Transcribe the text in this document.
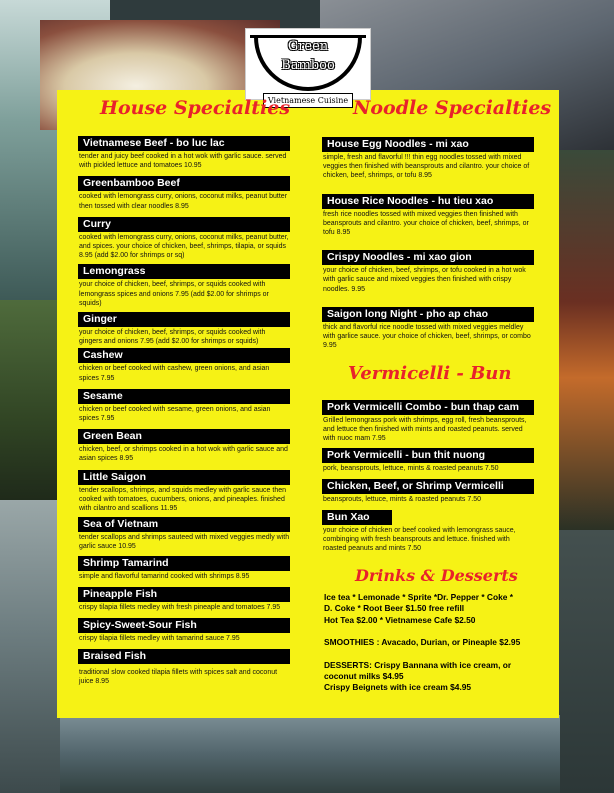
Green
Bamboo
Vietnamese Cuisine
House Specialties	Noodle Specialties
Vermicelli - Bun
Drinks & Desserts
Vietnamese Beef - bo luc lac
tender and juicy beef cooked in a hot wok with garlic sauce. served with pickled lettuce and tomatoes 10.95
Greenbamboo Beef
cooked with lemongrass curry, onions, coconut milks, peanut butter then tossed with clear noodles 8.95
Curry
cooked with lemongrass curry, onions, coconut milks, peanut butter, and spices. your choice of chicken, beef, shrimps, tilapia, or squids 8.95 (add $2.00 for shrimps or sq)
Lemongrass
your choice of chicken, beef, shrimps, or squids cooked with lemongrass spices and onions 7.95 (add $2.00 for shrimps or squids)
Ginger
your choice of chicken, beef, shrimps, or squids cooked with gingers and onions 7.95 (add $2.00 for shrimps or squids)
Cashew
chicken or beef cooked with cashew, green onions, and asian spices 7.95
Sesame
chicken or beef cooked with sesame, green onions, and asian spices 7.95
Green Bean
chicken, beef, or shrimps cooked in a hot wok with garlic sauce and asian spices 8.95
Little Saigon
tender scallops, shrimps, and squids medley with garlic sauce then cooked with tomatoes, cucumbers, onions, and pineaples. finished with cilantro and scallions 11.95
Sea of Vietnam
tender scallops and shrimps sauteed with mixed veggies medly with garlic sauce 10.95
Shrimp Tamarind
simple and flavorful tamarind cooked with shrimps 8.95
Pineapple Fish
crispy tilapia fillets medley with fresh pineaple and tomatoes 7.95
Spicy-Sweet-Sour Fish
crispy tilapia fillets medley with tamarind sauce 7.95
Braised Fish
traditional slow cooked tilapia fillets with spices salt and coconut juice 8.95
House Egg Noodles - mi xao
simple, fresh and flavorful !!! thin egg noodles tossed with mixed veggies then finished with beansprouts and cilantro. your choice of chicken, beef, shrimps, or tofu 8.95
House Rice Noodles - hu tieu xao
fresh rice noodles tossed with mixed veggies then finished with beansprouts and cilantro. your choice of chicken, beef, shrimps, or tofu 8.95
Crispy Noodles - mi xao gion
your choice of chicken, beef, shrimps, or tofu cooked in a hot wok with garlic sauce and mixed veggies then finished with crispy noodles. 9.95
Saigon long Night - pho ap chao
thick and flavorful rice noodle tossed with mixed veggies meldley with garlice sauce. your choice of chicken, beef, shrimps, or combo 9.95
Pork Vermicelli Combo - bun thap cam
Grilled lemongrass pork with shrimps, egg roll, fresh beansprouts, and lettuce then finished with mints and roasted peanuts. served with nuoc mam 7.95
Pork Vermicelli - bun thit nuong
pork, beansprouts, lettuce, mints & roasted peanuts 7.50
Chicken, Beef, or Shrimp Vermicelli
beansprouts, lettuce, mints & roasted peanuts 7.50
Bun Xao
your choice of chicken or beef cooked with lemongrass sauce, combinging with fresh beansprouts and lettuce. finished with roasted peanuts and mints 7.50

Ice tea * Lemonade * Sprite *Dr. Pepper * Coke *

D. Coke * Root Beer $1.50 free refill

Hot Tea $2.00 * Vietnamese Cafe $2.50

SMOOTHIES : Avacado, Durian, or Pineaple $2.95

DESSERTS: Crispy Bannana with ice cream, or

coconut milks $4.95

Crispy Beignets with ice cream $4.95
